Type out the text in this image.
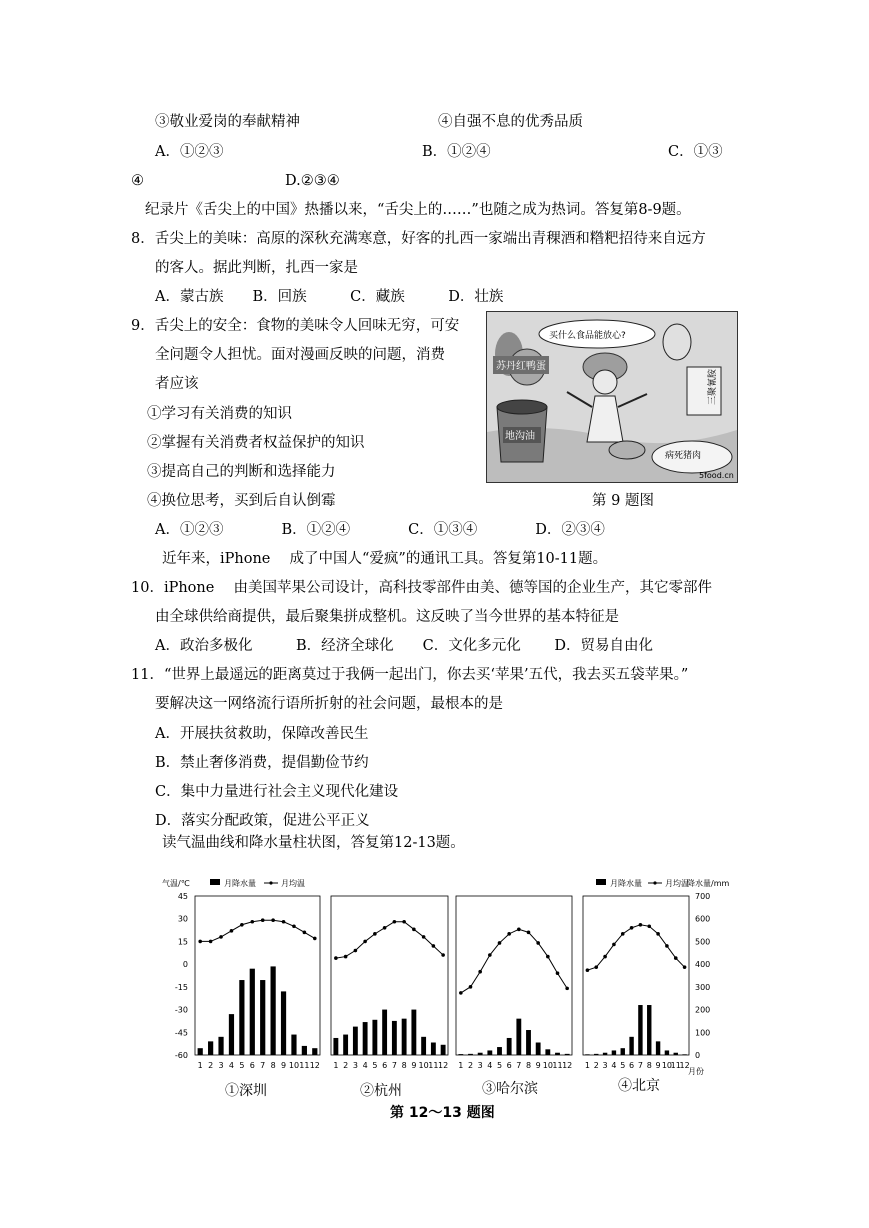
③敬业爱岗的奉献精神	④自强不息的优秀品质
A．①②③	B．①②④	C．①③
④	D.②③④
纪录片《舌尖上的中国》热播以来，“舌尖上的……”也随之成为热词。答复第8-9题。
8．舌尖上的美味：高原的深秋充满寒意，好客的扎西一家端出青稞酒和糌粑招待来自远方
的客人。据此判断，扎西一家是
A．蒙古族　　B．回族　　　C．藏族　　　D．壮族
9．舌尖上的安全：食物的美味令人回味无穷，可安
全问题令人担忧。面对漫画反映的问题，消费
者应该
①学习有关消费的知识
②掌握有关消费者权益保护的知识
③提高自己的判断和选择能力
④换位思考，买到后自认倒霉	第 9 题图
A．①②③　　　　B．①②④　　　　C．①③④　　　　D．②③④
苏丹红鸭蛋
买什么食品能放心?
三聚氰胺
地沟油
病死猪肉
5food.cn
近年来，iPhone　 成了中国人“爱疯”的通讯工具。答复第10-11题。
10．iPhone　 由美国苹果公司设计，高科技零部件由美、德等国的企业生产，其它零部件
由全球供给商提供，最后聚集拼成整机。这反映了当今世界的基本特征是
A．政治多极化　　　B．经济全球化　　C．文化多元化　　 D．贸易自由化
11．“世界上最遥远的距离莫过于我俩一起出门，你去买‘苹果’五代，我去买五袋苹果。”
要解决这一网络流行语所折射的社会问题，最根本的是
A．开展扶贫救助，保障改善民生
B．禁止奢侈消费，提倡勤俭节约
C．集中力量进行社会主义现代化建设
D．落实分配政策，促进公平正义
读气温曲线和降水量柱状图，答复第12-13题。
气温/℃	降水量/mm
月降水量	月均温	月降水量	月均温
月份
45
30
15
0
-15
-30
-45
-60
700
600
500
400
300
200
100
0
1 2 3 4 5 6 7 8 9 10 11 12 1 2 3 4 5 6 7 8 9 10 11 12 1 2 3 4 5 6 7 8 9 10 11 12 1 2 3 4 5 6 7 8 9 10
11
12
①深圳	②杭州	③哈尔滨	④北京
第 12～13 题图
